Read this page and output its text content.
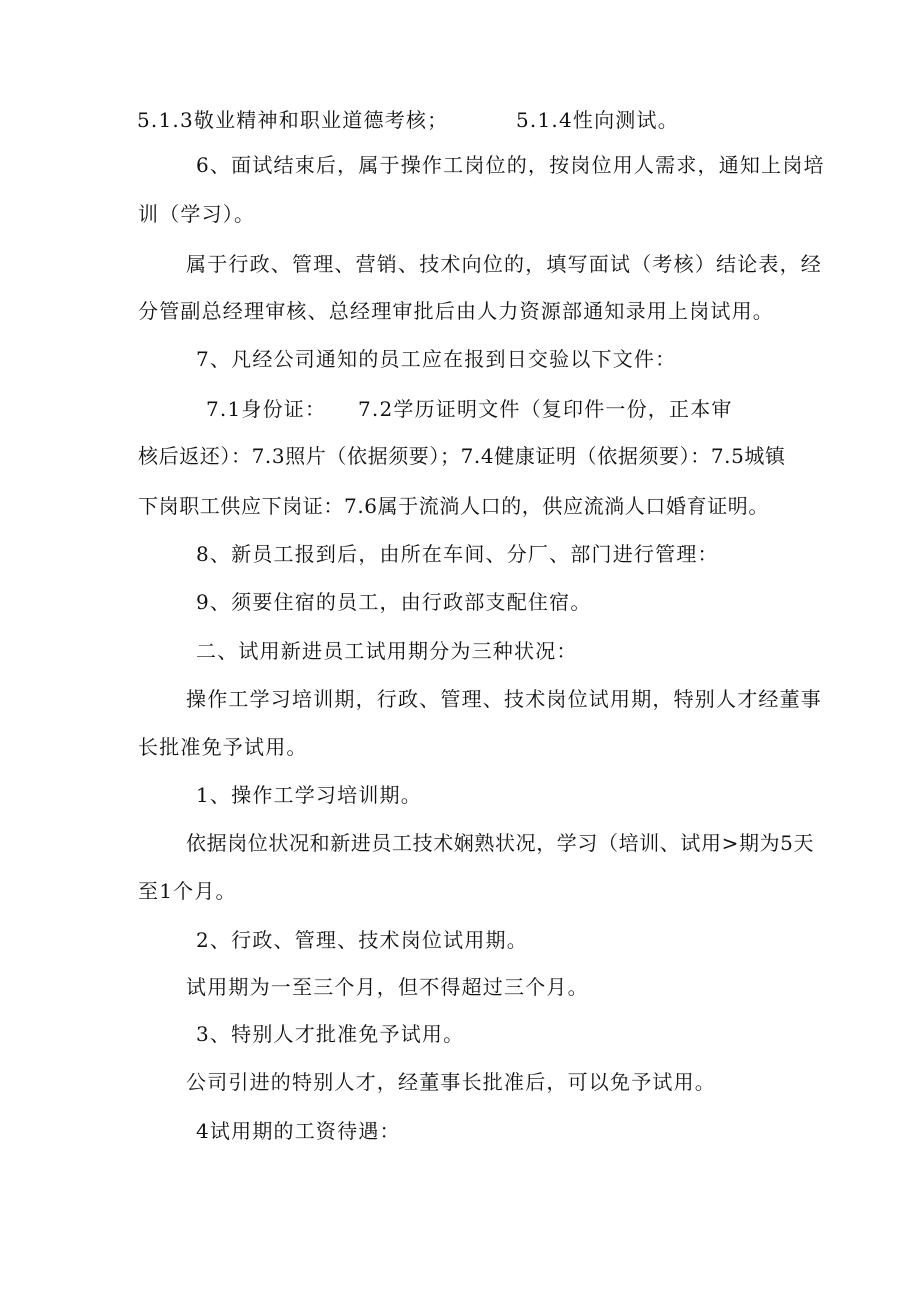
5.1.3敬业精神和职业道德考核；	5.1.4性向测试。

6、面试结束后，属于操作工岗位的，按岗位用人需求，通知上岗培

训（学习）。

属于行政、管理、营销、技术向位的，填写面试（考核）结论表，经

分管副总经理审核、总经理审批后由人力资源部通知录用上岗试用。

7、凡经公司通知的员工应在报到日交验以下文件：

7.1身份证： 7.2学历证明文件（复印件一份，正本审

核后返还）：7.3照片（依据须要）；7.4健康证明（依据须要）：7.5城镇

下岗职工供应下岗证：7.6属于流淌人口的，供应流淌人口婚育证明。

8、新员工报到后，由所在车间、分厂、部门进行管理：

9、须要住宿的员工，由行政部支配住宿。

二、试用新进员工试用期分为三种状况：

操作工学习培训期，行政、管理、技术岗位试用期，特别人才经董事

长批准免予试用。

1、操作工学习培训期。

依据岗位状况和新进员工技术娴熟状况，学习（培训、试用>期为5天

至1个月。

2、行政、管理、技术岗位试用期。

试用期为一至三个月，但不得超过三个月。

3、特别人才批准免予试用。

公司引进的特别人才，经董事长批准后，可以免予试用。

4试用期的工资待遇：
